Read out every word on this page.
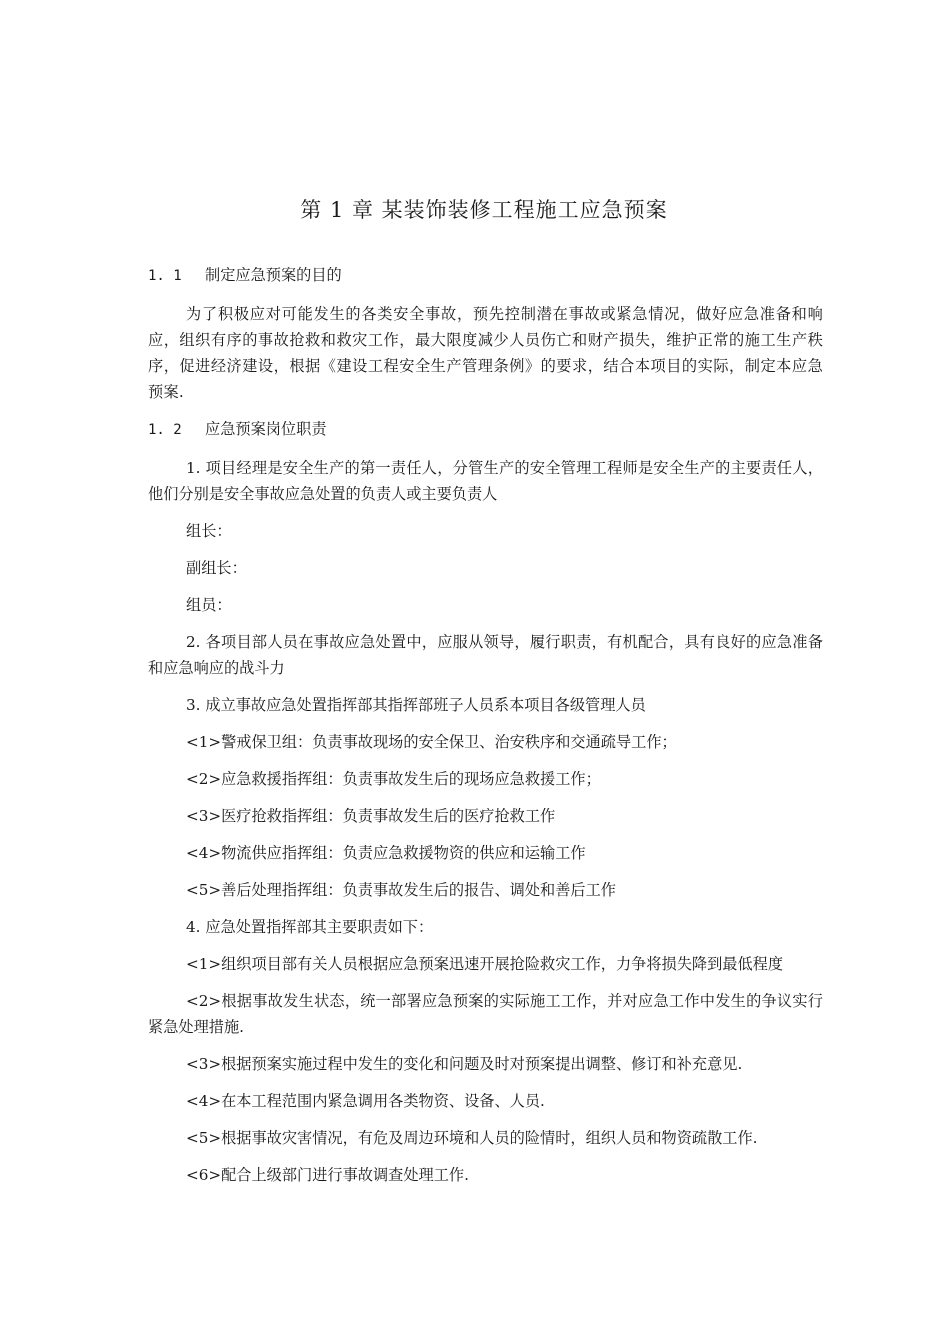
第 1 章 某装饰装修工程施工应急预案
1. 1 制定应急预案的目的

为了积极应对可能发生的各类安全事故，预先控制潜在事故或紧急情况，做好应急准备和响应，组织有序的事故抢救和救灾工作，最大限度减少人员伤亡和财产损失，维护正常的施工生产秩序，促进经济建设，根据《建设工程安全生产管理条例》的要求，结合本项目的实际，制定本应急预案.

1. 2 应急预案岗位职责

1. 项目经理是安全生产的第一责任人，分管生产的安全管理工程师是安全生产的主要责任人，他们分别是安全事故应急处置的负责人或主要负责人

组长：
副组长：
组员：

2. 各项目部人员在事故应急处置中，应服从领导，履行职责，有机配合，具有良好的应急准备和应急响应的战斗力

3. 成立事故应急处置指挥部其指挥部班子人员系本项目各级管理人员
<1>警戒保卫组：负责事故现场的安全保卫、治安秩序和交通疏导工作；
<2>应急救援指挥组：负责事故发生后的现场应急救援工作；
<3>医疗抢救指挥组：负责事故发生后的医疗抢救工作
<4>物流供应指挥组：负责应急救援物资的供应和运输工作
<5>善后处理指挥组：负责事故发生后的报告、调处和善后工作
4. 应急处置指挥部其主要职责如下：

<1>组织项目部有关人员根据应急预案迅速开展抢险救灾工作，力争将损失降到最低程度

<2>根据事故发生状态，统一部署应急预案的实际施工工作，并对应急工作中发生的争议实行紧急处理措施.

<3>根据预案实施过程中发生的变化和问题及时对预案提出调整、修订和补充意见.
<4>在本工程范围内紧急调用各类物资、设备、人员.

<5>根据事故灾害情况，有危及周边环境和人员的险情时，组织人员和物资疏散工作.

<6>配合上级部门进行事故调查处理工作.
